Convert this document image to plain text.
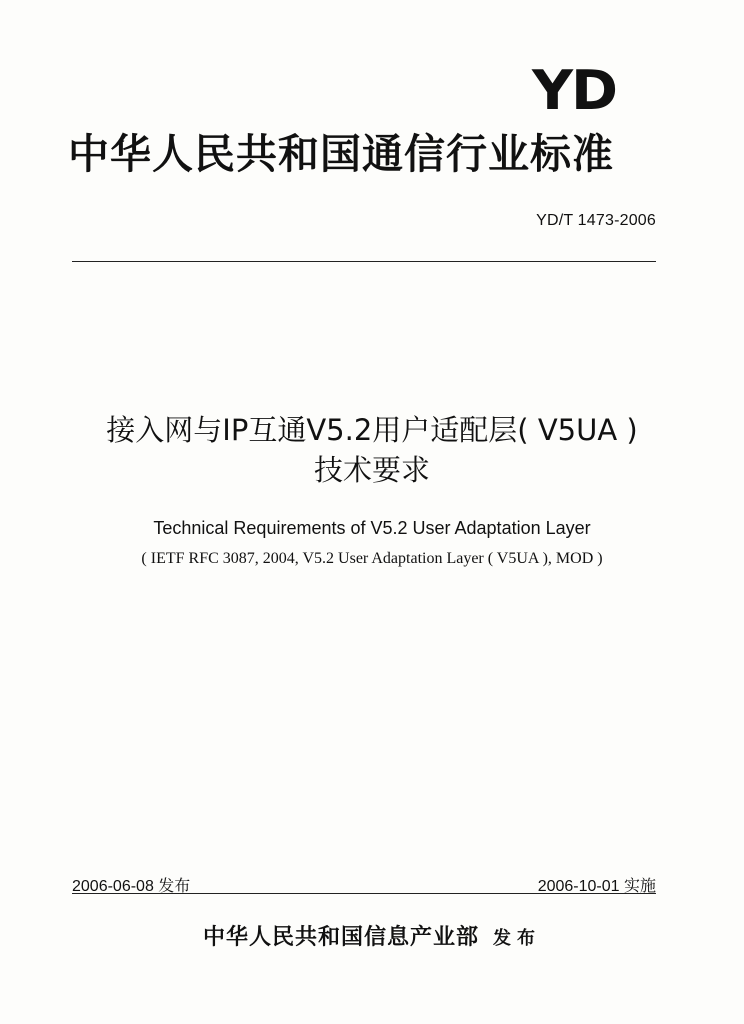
YD
中华人民共和国通信行业标准
YD/T 1473-2006
接入网与IP互通V5.2用户适配层( V5UA )
技术要求
Technical Requirements of V5.2 User Adaptation Layer
( IETF RFC 3087, 2004, V5.2 User Adaptation Layer ( V5UA ), MOD )
2006-06-08 发布	2006-10-01 实施
中华人民共和国信息产业部 发布
